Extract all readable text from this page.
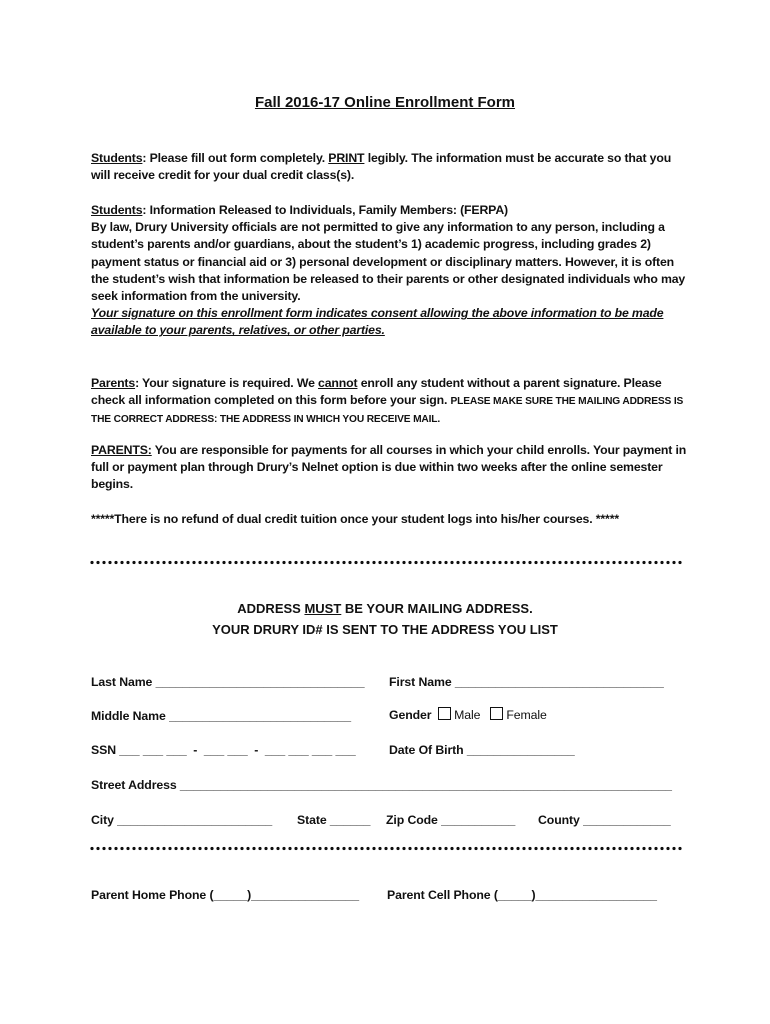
Fall 2016-17 Online Enrollment Form
Students: Please fill out form completely. PRINT legibly. The information must be accurate so that you will receive credit for your dual credit class(s).
Students: Information Released to Individuals, Family Members: (FERPA)
By law, Drury University officials are not permitted to give any information to any person, including a student’s parents and/or guardians, about the student’s 1) academic progress, including grades 2) payment status or financial aid or 3) personal development or disciplinary matters. However, it is often the student’s wish that information be released to their parents or other designated individuals who may seek information from the university.
Your signature on this enrollment form indicates consent allowing the above information to be made available to your parents, relatives, or other parties.
Parents: Your signature is required. We cannot enroll any student without a parent signature. Please check all information completed on this form before your sign. PLEASE MAKE SURE THE MAILING ADDRESS IS THE CORRECT ADDRESS: THE ADDRESS IN WHICH YOU RECEIVE MAIL.
PARENTS: You are responsible for payments for all courses in which your child enrolls. Your payment in full or payment plan through Drury’s Nelnet option is due within two weeks after the online semester begins.
*****There is no refund of dual credit tuition once your student logs into his/her courses. *****
ADDRESS MUST BE YOUR MAILING ADDRESS.
YOUR DRURY ID# IS SENT TO THE ADDRESS YOU LIST
Last Name _______________________________ First Name _______________________________
Middle Name ___________________________	Gender Male Female
SSN ___ ___ ___  -  ___ ___  -  ___ ___ ___ ___	Date Of Birth ________________
Street Address _________________________________________________________________________
City _______________________ State ______ Zip Code ___________ County _____________
Parent Home Phone (_____)________________ Parent Cell Phone (_____)__________________
